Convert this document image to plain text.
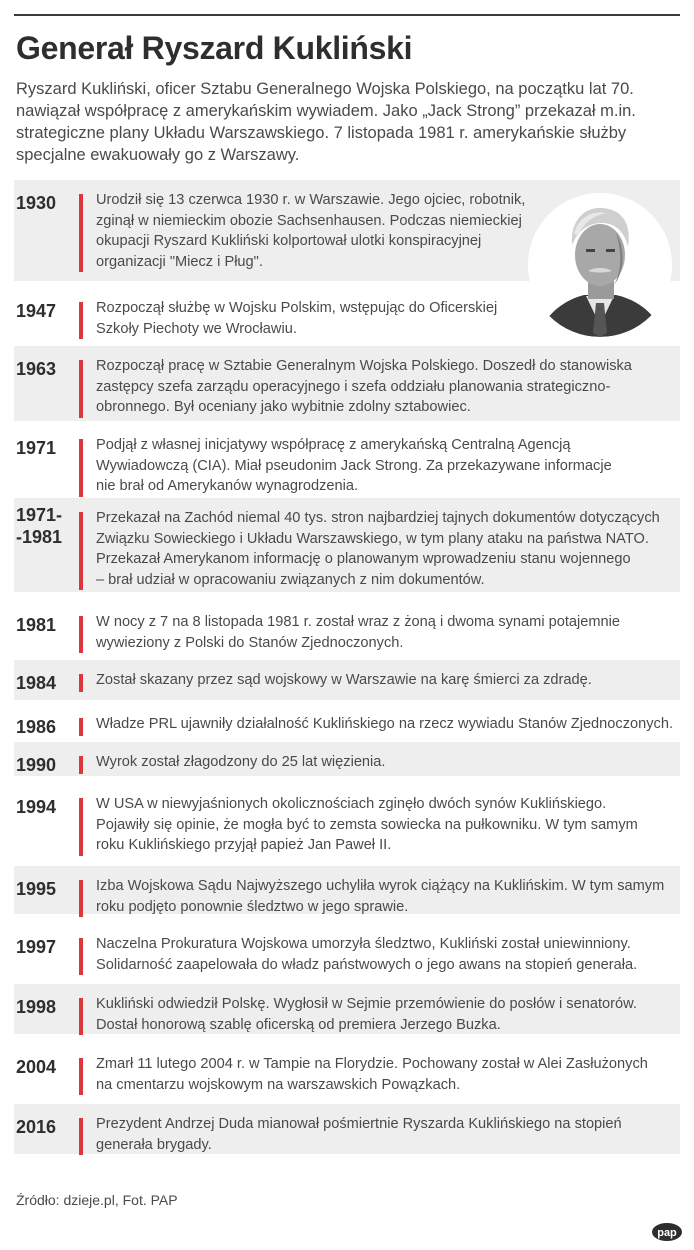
Generał Ryszard Kukliński

Ryszard Kukliński, oficer Sztabu Generalnego Wojska Polskiego, na początku lat 70. nawiązał współpracę z amerykańskim wywiadem. Jako „Jack Strong” przekazał m.in. strategiczne plany Układu Warszawskiego. 7 listopada 1981 r. amerykańskie służby specjalne ewakuowały go z Warszawy.

1930	Urodził się 13 czerwca 1930 r. w Warszawie. Jego ojciec, robotnik,
zginął w niemieckim obozie Sachsenhausen. Podczas niemieckiej
okupacji Ryszard Kukliński kolportował ulotki konspiracyjnej
organizacji "Miecz i Pług".
1947	Rozpoczął służbę w Wojsku Polskim, wstępując do Oficerskiej
Szkoły Piechoty we Wrocławiu.
1963	Rozpoczął pracę w Sztabie Generalnym Wojska Polskiego. Doszedł do stanowiska
zastępcy szefa zarządu operacyjnego i szefa oddziału planowania strategiczno-
obronnego. Był oceniany jako wybitnie zdolny sztabowiec.
1971	Podjął z własnej inicjatywy współpracę z amerykańską Centralną Agencją
Wywiadowczą (CIA). Miał pseudonim Jack Strong. Za przekazywane informacje
nie brał od Amerykanów wynagrodzenia.
1971-
-1981
Przekazał na Zachód niemal 40 tys. stron najbardziej tajnych dokumentów dotyczących
Związku Sowieckiego i Układu Warszawskiego, w tym plany ataku na państwa NATO.
Przekazał Amerykanom informację o planowanym wprowadzeniu stanu wojennego
– brał udział w opracowaniu związanych z nim dokumentów.
1981	W nocy z 7 na 8 listopada 1981 r. został wraz z żoną i dwoma synami potajemnie
wywieziony z Polski do Stanów Zjednoczonych.
1984	Został skazany przez sąd wojskowy w Warszawie na karę śmierci za zdradę.
1986	Władze PRL ujawniły działalność Kuklińskiego na rzecz wywiadu Stanów Zjednoczonych.
1990	Wyrok został złagodzony do 25 lat więzienia.
1994	W USA w niewyjaśnionych okolicznościach zginęło dwóch synów Kuklińskiego.
Pojawiły się opinie, że mogła być to zemsta sowiecka na pułkowniku. W tym samym
roku Kuklińskiego przyjął papież Jan Paweł II.
1995	Izba Wojskowa Sądu Najwyższego uchyliła wyrok ciążący na Kuklińskim. W tym samym
roku podjęto ponownie śledztwo w jego sprawie.
1997	Naczelna Prokuratura Wojskowa umorzyła śledztwo, Kukliński został uniewinniony.
Solidarność zaapelowała do władz państwowych o jego awans na stopień generała.
1998	Kukliński odwiedził Polskę. Wygłosił w Sejmie przemówienie do posłów i senatorów.
Dostał honorową szablę oficerską od premiera Jerzego Buzka.
2004	Zmarł 11 lutego 2004 r. w Tampie na Florydzie. Pochowany został w Alei Zasłużonych
na cmentarzu wojskowym na warszawskich Powązkach.
2016	Prezydent Andrzej Duda mianował pośmiertnie Ryszarda Kuklińskiego na stopień
generała brygady.
Źródło: dzieje.pl, Fot. PAP
pap
